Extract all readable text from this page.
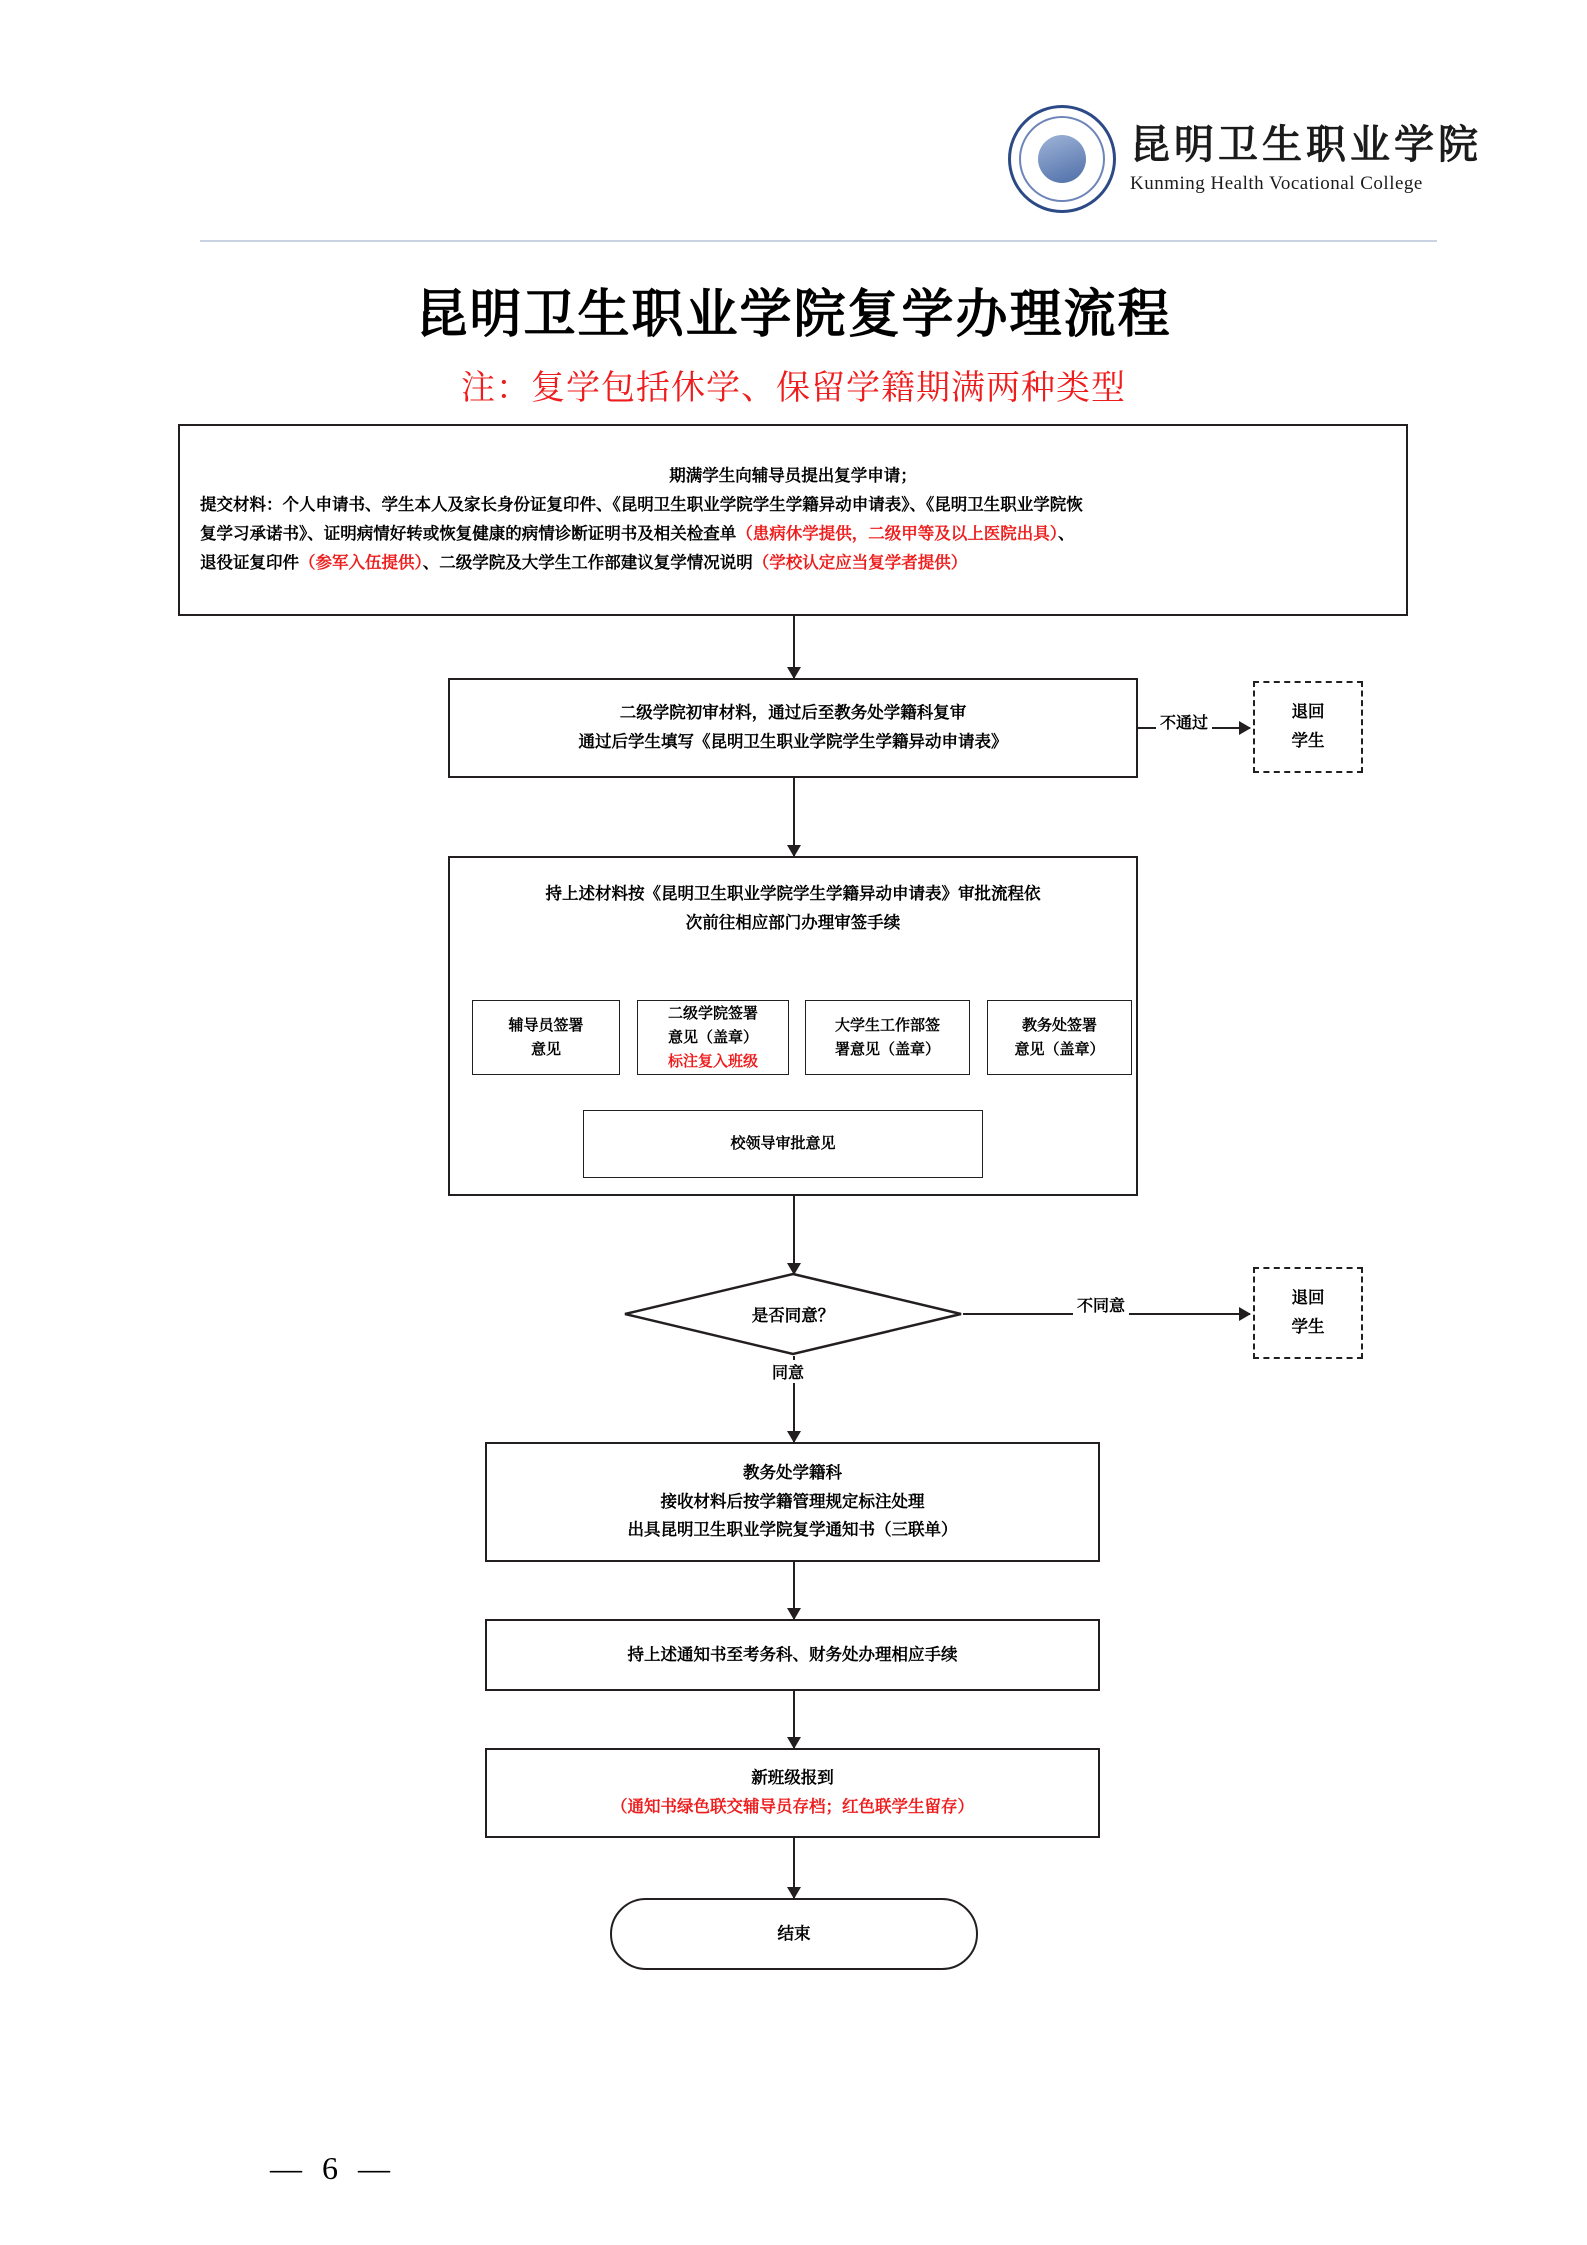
昆明卫生职业学院
Kunming Health Vocational College
昆明卫生职业学院复学办理流程
注：复学包括休学、保留学籍期满两种类型
期满学生向辅导员提出复学申请；
提交材料：个人申请书、学生本人及家长身份证复印件、《昆明卫生职业学院学生学籍异动申请表》、《昆明卫生职业学院恢
复学习承诺书》、证明病情好转或恢复健康的病情诊断证明书及相关检查单（患病休学提供，二级甲等及以上医院出具）、
退役证复印件（参军入伍提供）、二级学院及大学生工作部建议复学情况说明（学校认定应当复学者提供）
二级学院初审材料，通过后至教务处学籍科复审
通过后学生填写《昆明卫生职业学院学生学籍异动申请表》
不通过
退回
学生
持上述材料按《昆明卫生职业学院学生学籍异动申请表》审批流程依
次前往相应部门办理审签手续
辅导员签署
意见
二级学院签署
意见（盖章）
标注复入班级
大学生工作部签
署意见（盖章）
教务处签署
意见（盖章）
校领导审批意见
是否同意？
不同意	退回
学生
同意
教务处学籍科
接收材料后按学籍管理规定标注处理
出具昆明卫生职业学院复学通知书（三联单）
持上述通知书至考务科、财务处办理相应手续
新班级报到
（通知书绿色联交辅导员存档；红色联学生留存）
结束
— 6 —
